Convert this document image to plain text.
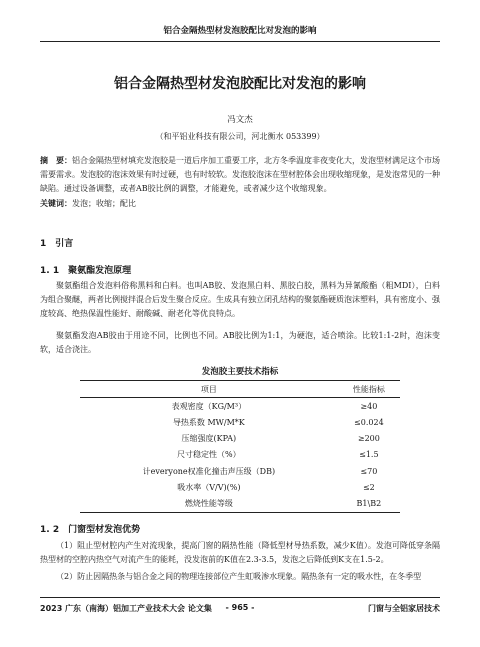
铝合金隔热型材发泡胶配比对发泡的影响
铝合金隔热型材发泡胶配比对发泡的影响
冯文杰
（和平铝业科技有限公司，河北衡水 053399）
摘　要：铝合金隔热型材填充发泡胶是一道后序加工重要工序，北方冬季温度非夜变化大，发泡型材满足这个市场需要需求。发泡胶的泡沫效果有时过硬，也有时较软。发泡胶泡沫在型材腔体会出现收缩现象，是发泡常见的一种缺陷。通过设备调整，或者AB胶比例的调整，才能避免，或者减少这个收缩现象。
关键词：发泡；收缩；配比
1　引言
1. 1　聚氨酯发泡原理
聚氨酯组合发泡料俗称黑料和白料。也叫AB胶、发泡黑白料、黑胶白胶，黑料为异氰酸酯（粗MDI），白料为组合聚醚，两者比例搅拌混合后发生聚合反应。生成具有独立闭孔结构的聚氨酯硬质泡沫塑料，具有密度小、强度较高、绝热保温性能好、耐酸碱、耐老化等优良特点。
聚氨酯发泡AB胶由于用途不同，比例也不同。AB胶比例为1:1，为硬泡，适合喷涂。比较1:1-2时，泡沫变软，适合浇注。
发泡胶主要技术指标
项目	性能指标
表观密度（KG/M³）	≥40
导热系数 MW/M*K	≤0.024
压缩强度(KPA)	≥200
尺寸稳定性（%）	≤1.5
计everyone权准化撞击声压级（DB)	≤70
吸水率（V/V)(%)	≤2
燃烧性能等级	B1\B2
1. 2　门窗型材发泡优势
（1）阻止型材腔内产生对流现象，提高门窗的隔热性能（降低型材导热系数，减少K值）。发泡可降低穿条隔热型材的空腔内热空气对流产生的能耗，没发泡前的K值在2.3-3.5，发泡之后降低到K支在1.5-2。
（2）防止因隔热条与铝合金之间的物理连接部位产生虹吸渗水现象。隔热条有一定的吸水性，在冬季型
2023 广东（南海）铝加工产业技术大会 论文集	- 965 -	门窗与全铝家居技术
